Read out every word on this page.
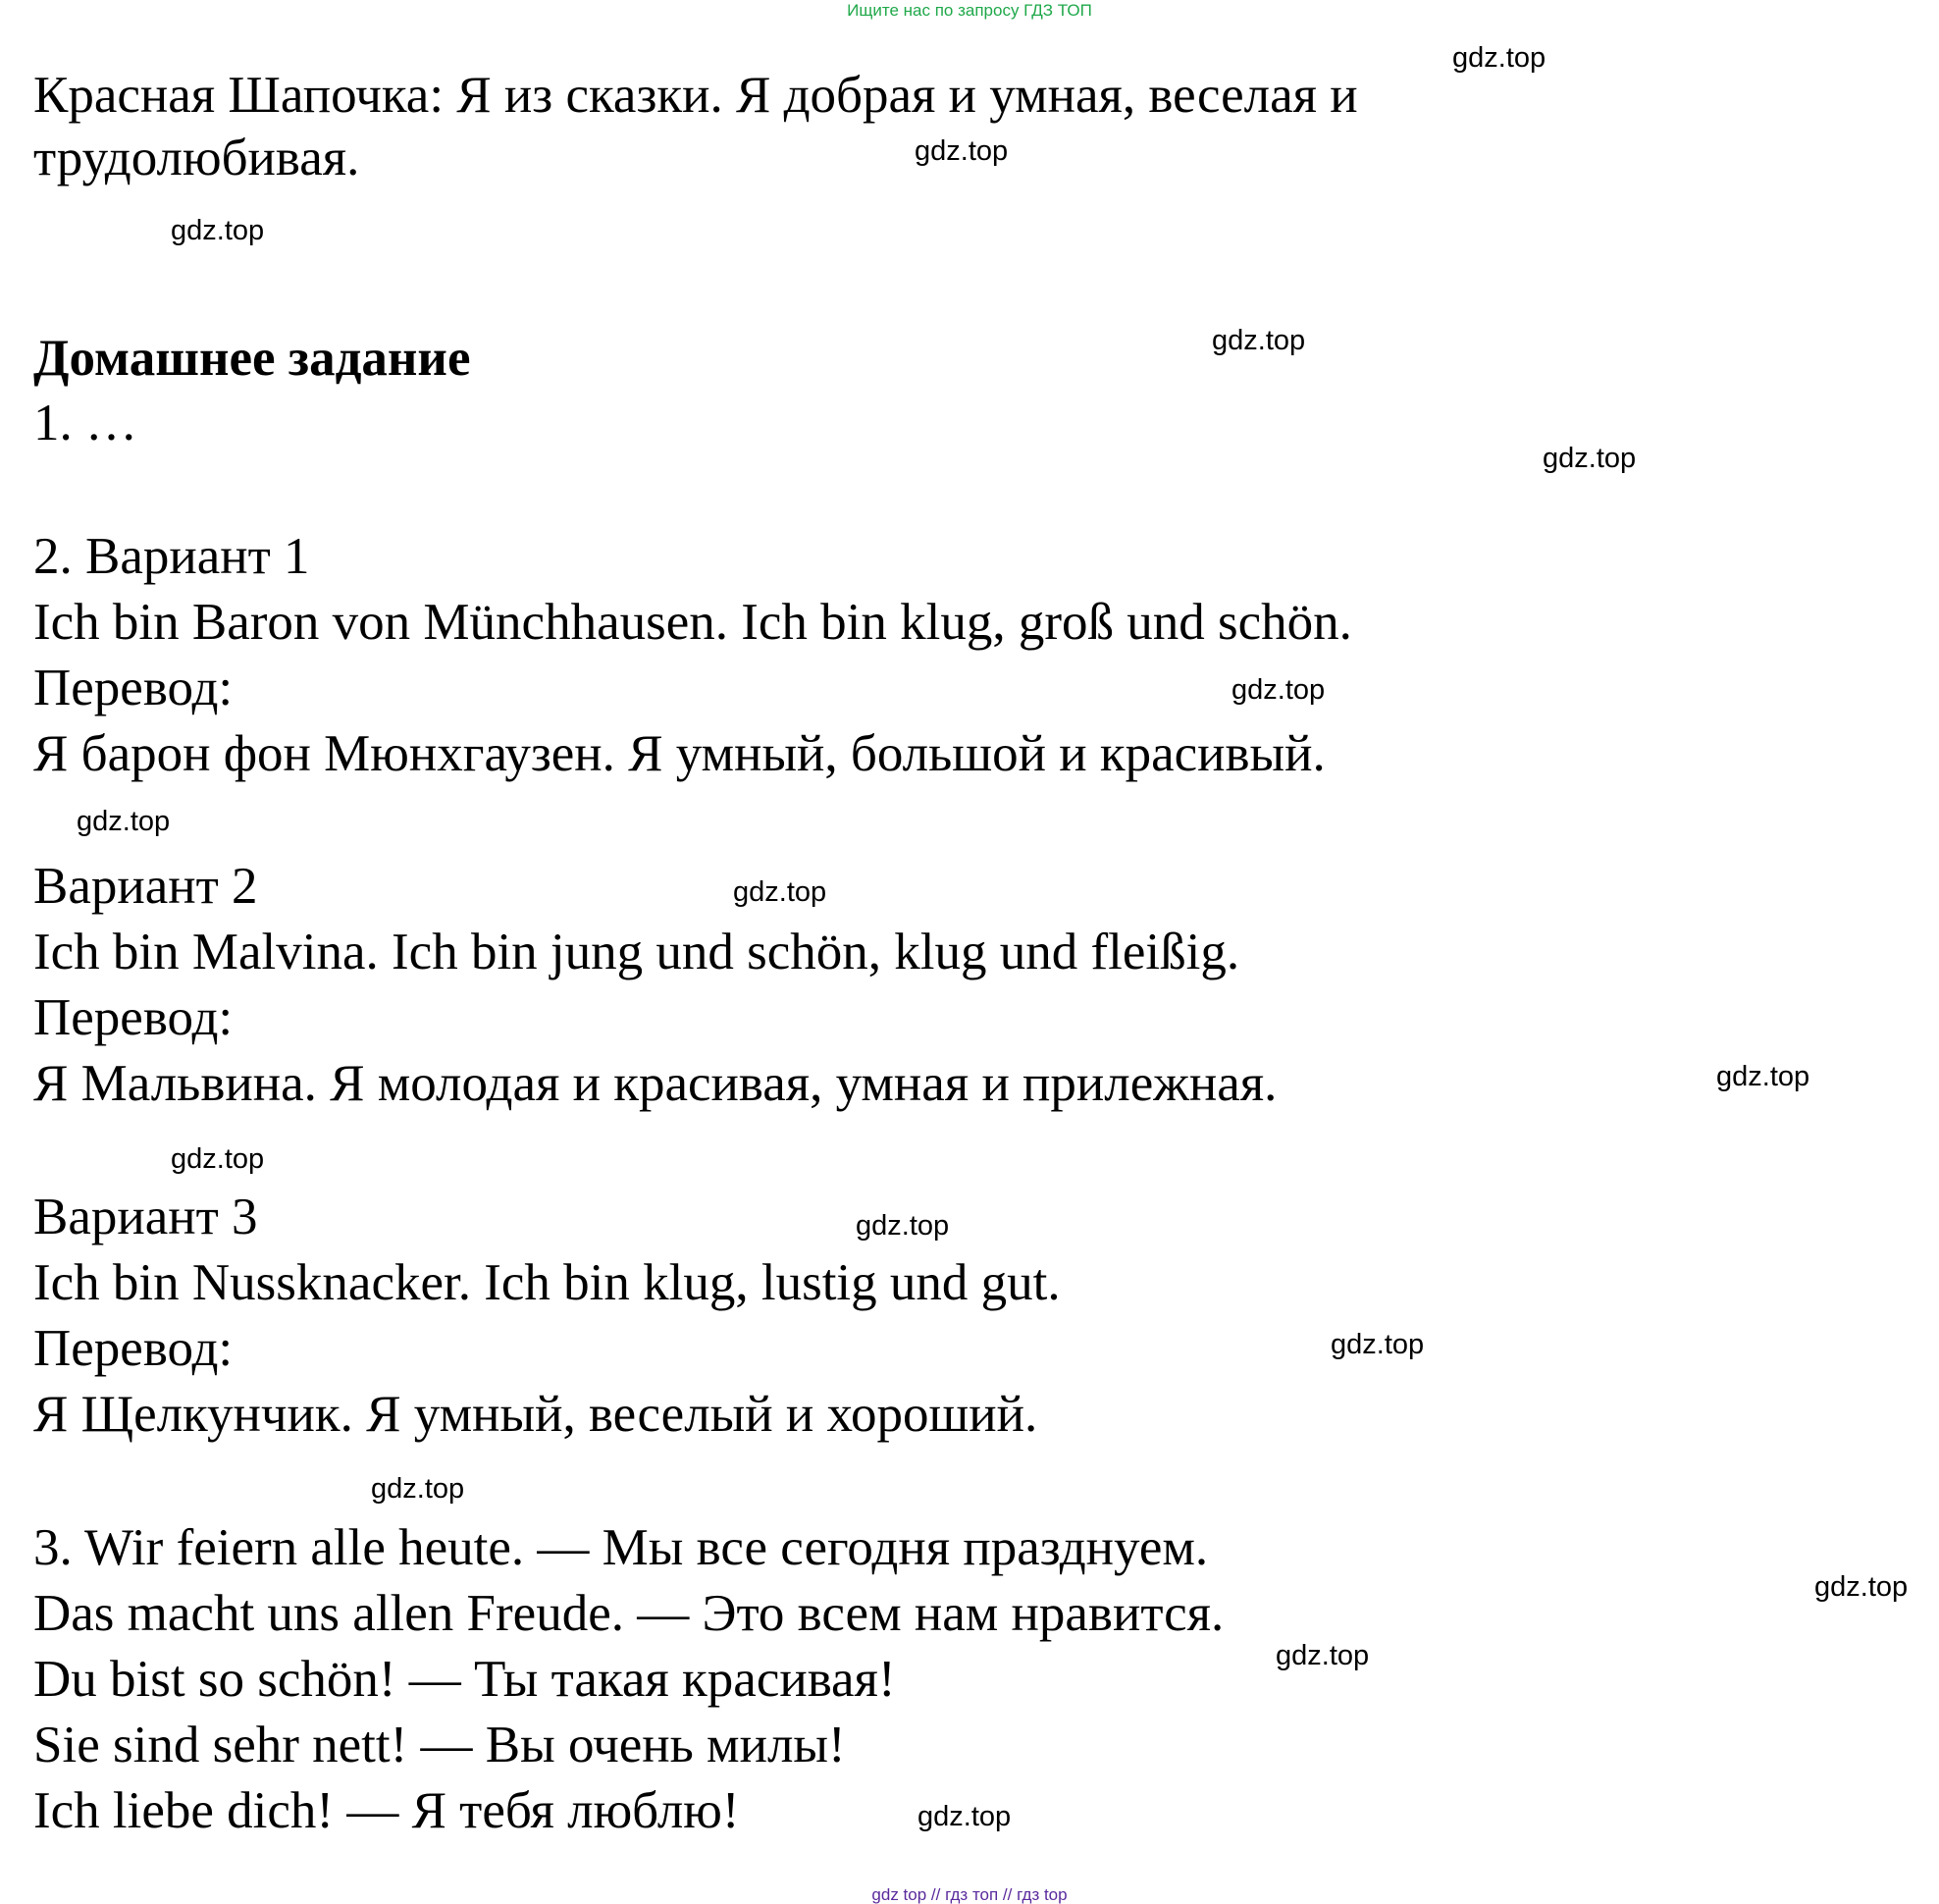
Ищите нас по запросу ГДЗ ТОП
Красная Шапочка: Я из сказки. Я добрая и умная, веселая и
трудолюбивая.
Домашнее задание
1. …
2. Вариант 1
Ich bin Baron von Münchhausen. Ich bin klug, groß und schön.
Перевод:
Я барон фон Мюнхгаузен. Я умный, большой и красивый.
Вариант 2
Ich bin Malvina. Ich bin jung und schön, klug und fleißig.
Перевод:
Я Мальвина. Я молодая и красивая, умная и прилежная.
Вариант 3
Ich bin Nussknacker. Ich bin klug, lustig und gut.
Перевод:
Я Щелкунчик. Я умный, веселый и хороший.
3. Wir feiern alle heute. — Мы все сегодня празднуем.
Das macht uns allen Freude. — Это всем нам нравится.
Du bist so schön! — Ты такая красивая!
Sie sind sehr nett! — Вы очень милы!
Ich liebe dich! — Я тебя люблю!
gdz.top
gdz.top
gdz.top
gdz.top
gdz.top
gdz.top
gdz.top
gdz.top
gdz.top
gdz.top
gdz.top
gdz.top
gdz.top
gdz.top
gdz.top
gdz.top
gdz top // гдз топ // гдз top
